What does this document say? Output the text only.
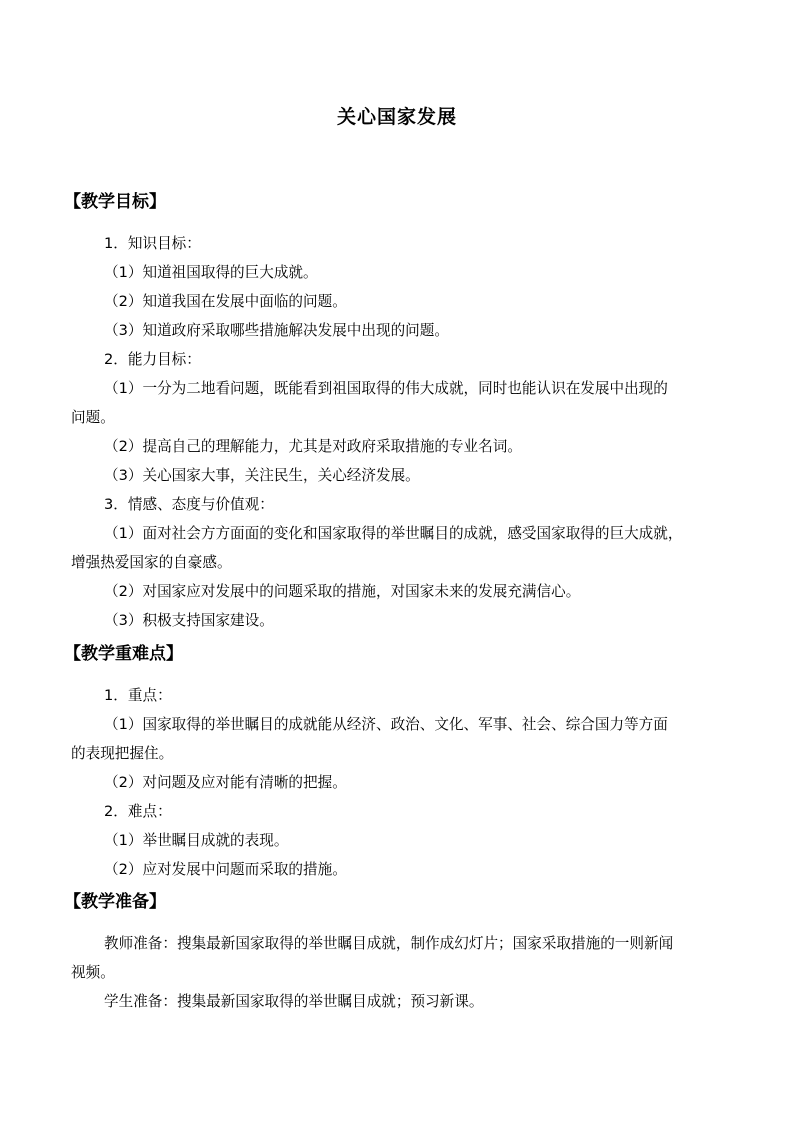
关心国家发展
【教学目标】
1．知识目标：
（1）知道祖国取得的巨大成就。
（2）知道我国在发展中面临的问题。
（3）知道政府采取哪些措施解决发展中出现的问题。
2．能力目标：
（1）一分为二地看问题，既能看到祖国取得的伟大成就，同时也能认识在发展中出现的
问题。
（2）提高自己的理解能力，尤其是对政府采取措施的专业名词。
（3）关心国家大事，关注民生，关心经济发展。
3．情感、态度与价值观：
（1）面对社会方方面面的变化和国家取得的举世瞩目的成就，感受国家取得的巨大成就，
增强热爱国家的自豪感。
（2）对国家应对发展中的问题采取的措施，对国家未来的发展充满信心。
（3）积极支持国家建设。
【教学重难点】
1．重点：
（1）国家取得的举世瞩目的成就能从经济、政治、文化、军事、社会、综合国力等方面
的表现把握住。
（2）对问题及应对能有清晰的把握。
2．难点：
（1）举世瞩目成就的表现。
（2）应对发展中问题而采取的措施。
【教学准备】
教师准备：搜集最新国家取得的举世瞩目成就，制作成幻灯片；国家采取措施的一则新闻
视频。
学生准备：搜集最新国家取得的举世瞩目成就；预习新课。
